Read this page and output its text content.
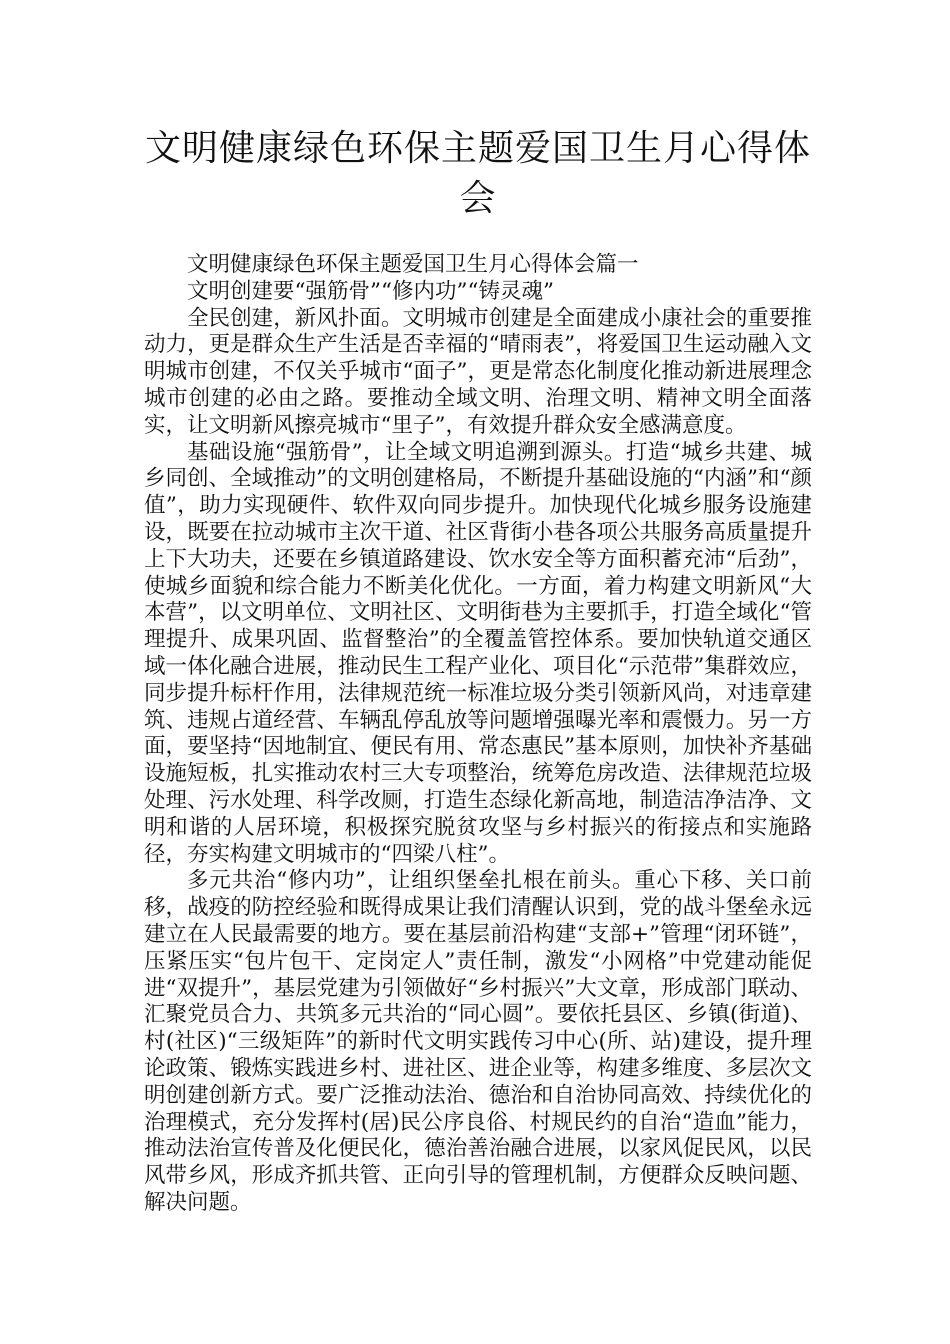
文明健康绿色环保主题爱国卫生月心得体会

文明健康绿色环保主题爱国卫生月心得体会篇一

文明创建要“强筋骨”“修内功”“铸灵魂”

全民创建，新风扑面。文明城市创建是全面建成小康社会的重要推动力，更是群众生产生活是否幸福的“晴雨表”，将爱国卫生运动融入文明城市创建，不仅关乎城市“面子”，更是常态化制度化推动新进展理念城市创建的必由之路。要推动全域文明、治理文明、精神文明全面落实，让文明新风擦亮城市“里子”，有效提升群众安全感满意度。

基础设施“强筋骨”，让全域文明追溯到源头。打造“城乡共建、城乡同创、全域推动”的文明创建格局，不断提升基础设施的“内涵”和“颜值”，助力实现硬件、软件双向同步提升。加快现代化城乡服务设施建设，既要在拉动城市主次干道、社区背街小巷各项公共服务高质量提升上下大功夫，还要在乡镇道路建设、饮水安全等方面积蓄充沛“后劲”，使城乡面貌和综合能力不断美化优化。一方面，着力构建文明新风“大本营”，以文明单位、文明社区、文明街巷为主要抓手，打造全域化“管理提升、成果巩固、监督整治”的全覆盖管控体系。要加快轨道交通区域一体化融合进展，推动民生工程产业化、项目化“示范带”集群效应，同步提升标杆作用，法律规范统一标准垃圾分类引领新风尚，对违章建筑、违规占道经营、车辆乱停乱放等问题增强曝光率和震慑力。另一方面，要坚持“因地制宜、便民有用、常态惠民”基本原则，加快补齐基础设施短板，扎实推动农村三大专项整治，统筹危房改造、法律规范垃圾处理、污水处理、科学改厕，打造生态绿化新高地，制造洁净洁净、文明和谐的人居环境，积极探究脱贫攻坚与乡村振兴的衔接点和实施路径，夯实构建文明城市的“四梁八柱”。

多元共治“修内功”，让组织堡垒扎根在前头。重心下移、关口前移，战疫的防控经验和既得成果让我们清醒认识到，党的战斗堡垒永远建立在人民最需要的地方。要在基层前沿构建“支部+”管理“闭环链”，压紧压实“包片包干、定岗定人”责任制，激发“小网格”中党建动能促进“双提升”，基层党建为引领做好“乡村振兴”大文章，形成部门联动、汇聚党员合力、共筑多元共治的“同心圆”。要依托县区、乡镇(街道)、村(社区)“三级矩阵”的新时代文明实践传习中心(所、站)建设，提升理论政策、锻炼实践进乡村、进社区、进企业等，构建多维度、多层次文明创建创新方式。要广泛推动法治、德治和自治协同高效、持续优化的治理模式，充分发挥村(居)民公序良俗、村规民约的自治“造血”能力，推动法治宣传普及化便民化，德治善治融合进展，以家风促民风，以民风带乡风，形成齐抓共管、正向引导的管理机制，方便群众反映问题、解决问题。
